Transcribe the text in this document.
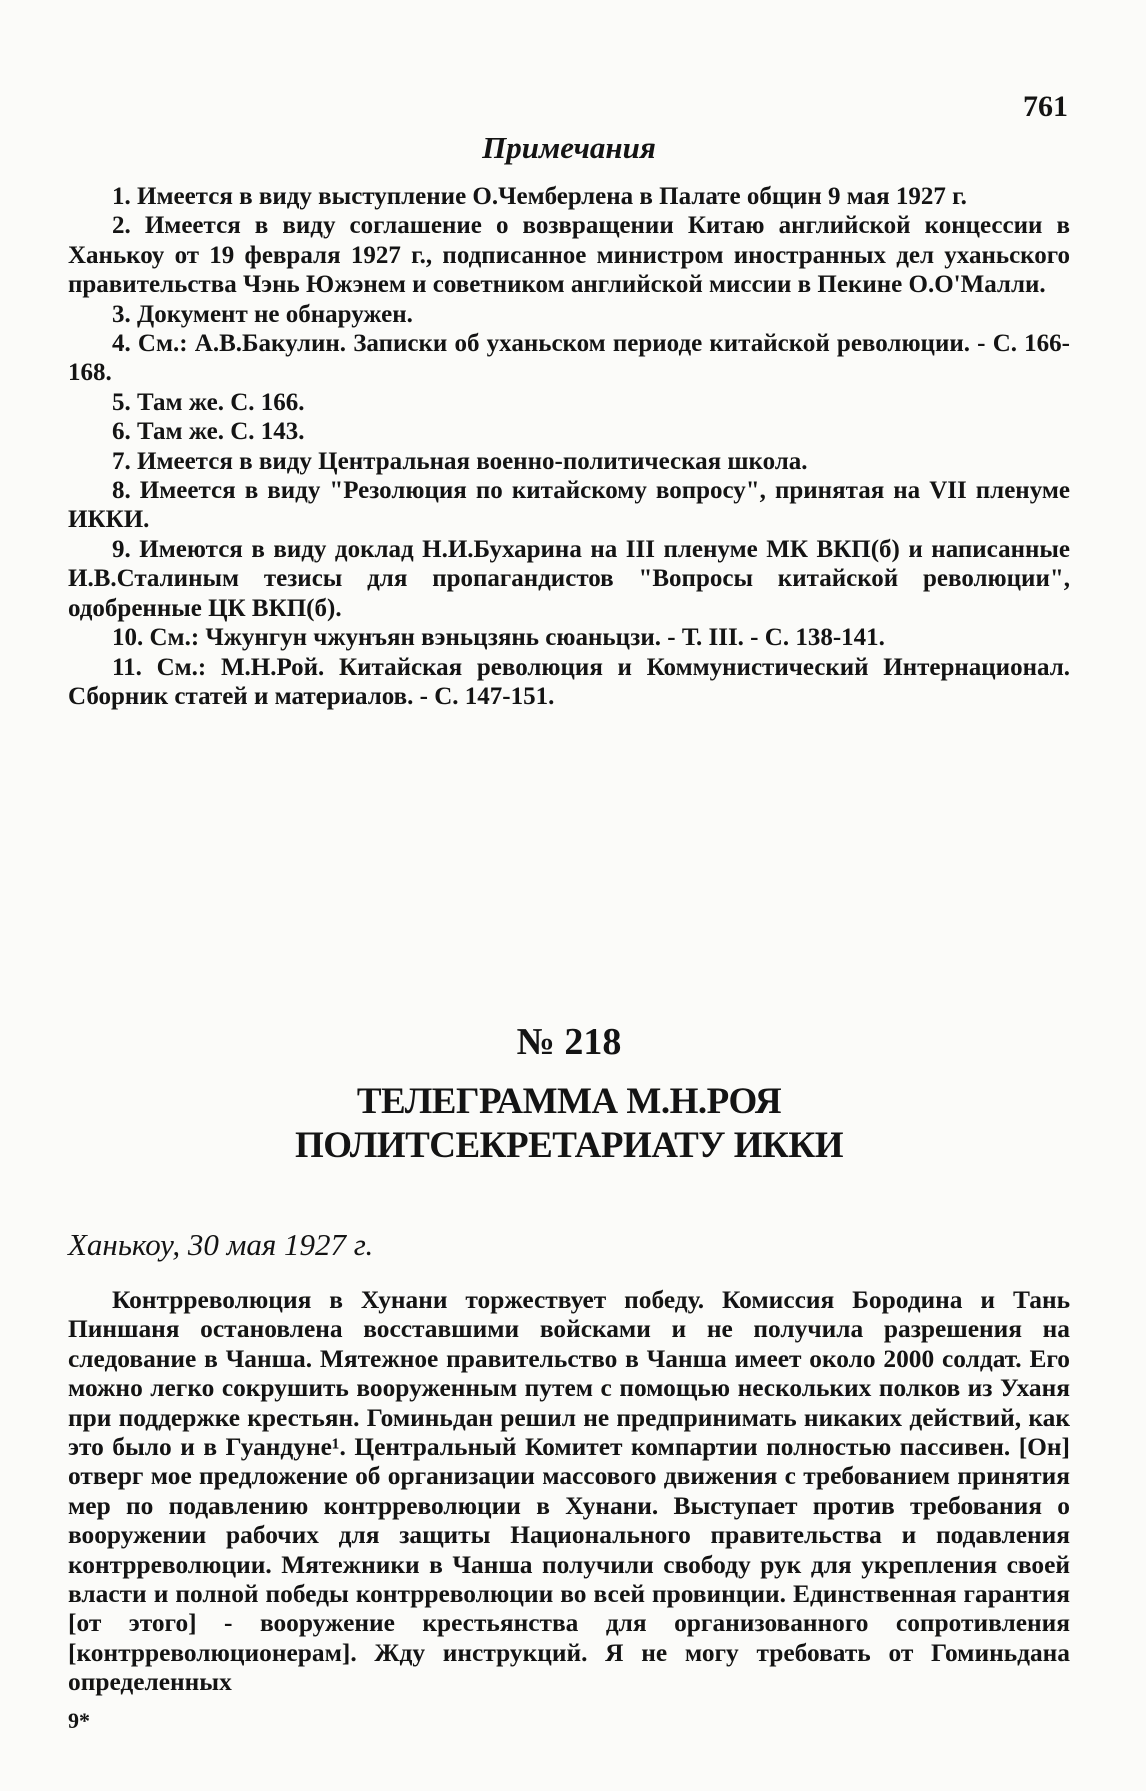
761
Примечания

1. Имеется в виду выступление О.Чемберлена в Палате общин 9 мая 1927 г.

2. Имеется в виду соглашение о возвращении Китаю английской концессии в Ханькоу от 19 февраля 1927 г., подписанное министром иностранных дел уханьского правительства Чэнь Южэнем и советником английской миссии в Пекине О.О'Малли.

3. Документ не обнаружен.

4. См.: А.В.Бакулин. Записки об уханьском периоде китайской революции. - С. 166-168.

5. Там же. С. 166.

6. Там же. С. 143.

7. Имеется в виду Центральная военно-политическая школа.

8. Имеется в виду "Резолюция по китайскому вопросу", принятая на VII пленуме ИККИ.

9. Имеются в виду доклад Н.И.Бухарина на III пленуме МК ВКП(б) и написанные И.В.Сталиным тезисы для пропагандистов "Вопросы китайской революции", одобренные ЦК ВКП(б).

10. См.: Чжунгун чжунъян вэньцзянь сюаньцзи. - Т. III. - С. 138-141.

11. См.: М.Н.Рой. Китайская революция и Коммунистический Интернационал. Сборник статей и материалов. - С. 147-151.

№ 218
ТЕЛЕГРАММА М.Н.РОЯ
ПОЛИТСЕКРЕТАРИАТУ ИККИ
Ханькоу, 30 мая 1927 г.

Контрреволюция в Хунани торжествует победу. Комиссия Бородина и Тань Пиншаня остановлена восставшими войсками и не получила разрешения на следование в Чанша. Мятежное правительство в Чанша имеет около 2000 солдат. Его можно легко сокрушить вооруженным путем с помощью нескольких полков из Уханя при поддержке крестьян. Гоминьдан решил не предпринимать никаких действий, как это было и в Гуандуне¹. Центральный Комитет компартии полностью пассивен. [Он] отверг мое предложение об организации массового движения с требованием принятия мер по подавлению контрреволюции в Хунани. Выступает против требования о вооружении рабочих для защиты Национального правительства и подавления контрреволюции. Мятежники в Чанша получили свободу рук для укрепления своей власти и полной победы контрреволюции во всей провинции. Единственная гарантия [от этого] - вооружение крестьянства для организованного сопротивления [контрреволюционерам]. Жду инструкций. Я не могу требовать от Гоминьдана определенных

9*
